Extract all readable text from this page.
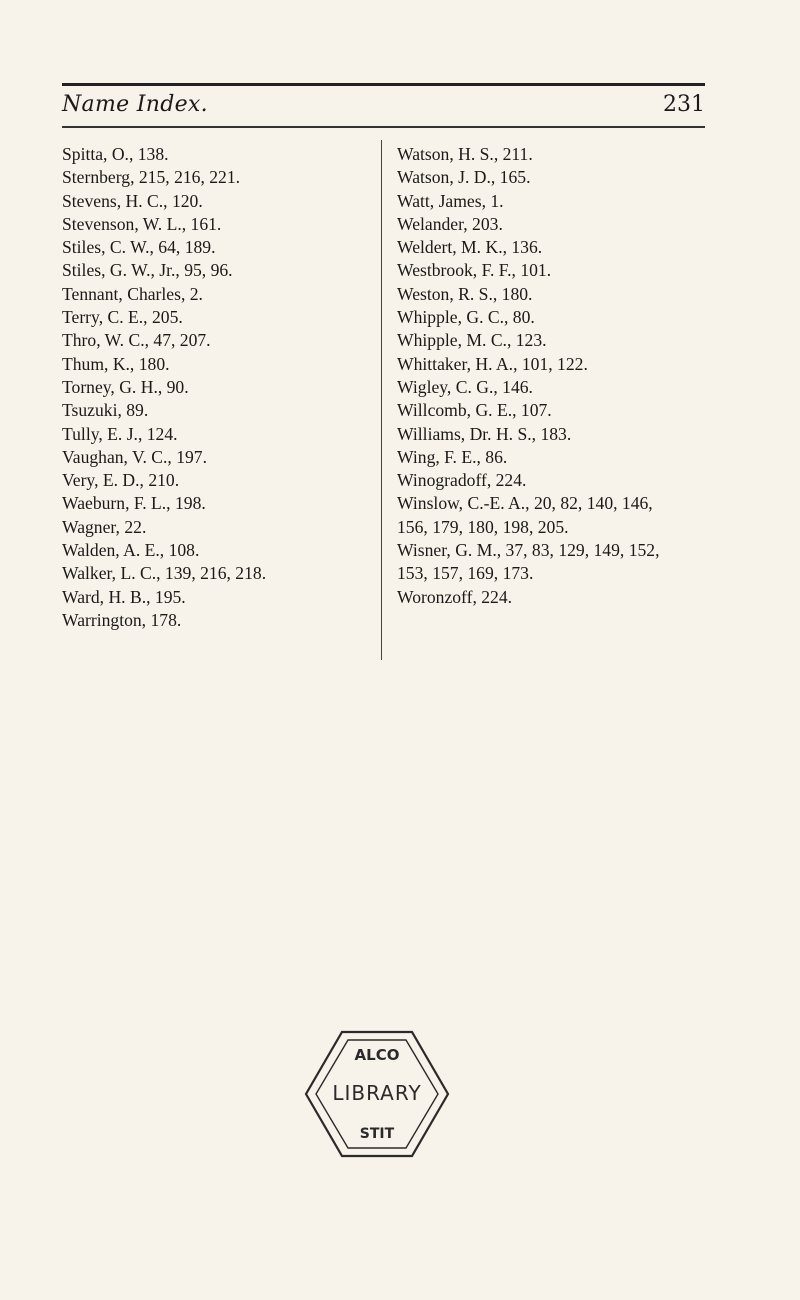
Name Index.	231
Spitta, O., 138.
Sternberg, 215, 216, 221.
Stevens, H. C., 120.
Stevenson, W. L., 161.
Stiles, C. W., 64, 189.
Stiles, G. W., Jr., 95, 96.
Tennant, Charles, 2.
Terry, C. E., 205.
Thro, W. C., 47, 207.
Thum, K., 180.
Torney, G. H., 90.
Tsuzuki, 89.
Tully, E. J., 124.
Vaughan, V. C., 197.
Very, E. D., 210.
Waeburn, F. L., 198.
Wagner, 22.
Walden, A. E., 108.
Walker, L. C., 139, 216, 218.
Ward, H. B., 195.
Warrington, 178.
Watson, H. S., 211.
Watson, J. D., 165.
Watt, James, 1.
Welander, 203.
Weldert, M. K., 136.
Westbrook, F. F., 101.
Weston, R. S., 180.
Whipple, G. C., 80.
Whipple, M. C., 123.
Whittaker, H. A., 101, 122.
Wigley, C. G., 146.
Willcomb, G. E., 107.
Williams, Dr. H. S., 183.
Wing, F. E., 86.
Winogradoff, 224.
Winslow, C.-E. A., 20, 82, 140, 146,
156, 179, 180, 198, 205.
Wisner, G. M., 37, 83, 129, 149, 152,
153, 157, 169, 173.
Woronzoff, 224.
ALCO
LIBRARY
STIT
